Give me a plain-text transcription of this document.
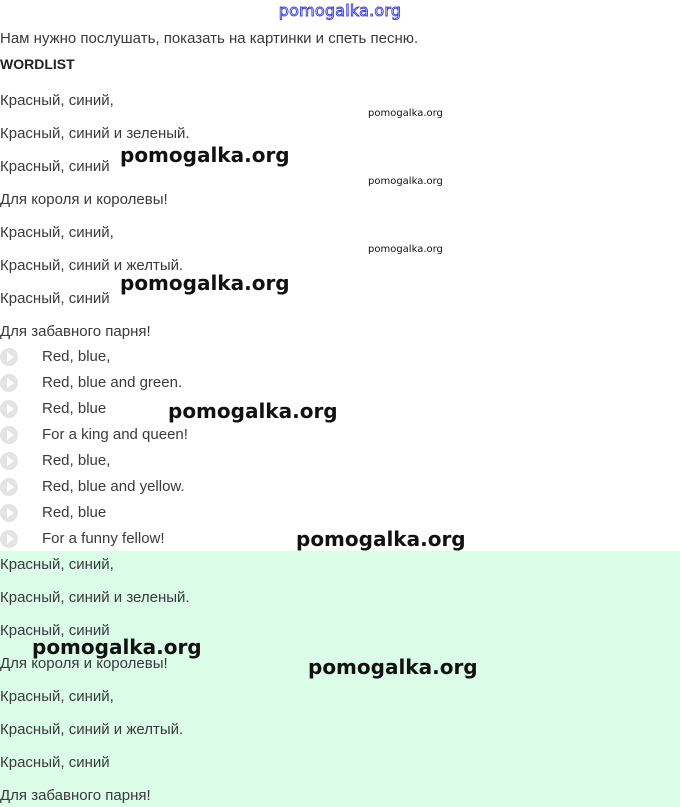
pomogalka.org
Нам нужно послушать, показать на картинки и спеть песню.
WORDLIST
Красный, синий,
Красный, синий и зеленый.
Красный, синий
Для короля и королевы!
Красный, синий,
Красный, синий и желтый.
Красный, синий
Для забавного парня!
Red, blue,
Red, blue and green.
Red, blue
For a king and queen!
Red, blue,
Red, blue and yellow.
Red, blue
For a funny fellow!
Красный, синий,
Красный, синий и зеленый.
Красный, синий
Для короля и королевы!
Красный, синий,
Красный, синий и желтый.
Красный, синий
Для забавного парня!
pomogalka.org
pomogalka.org
pomogalka.org
pomogalka.org
pomogalka.org
pomogalka.org
pomogalka.org
pomogalka.org
pomogalka.org
